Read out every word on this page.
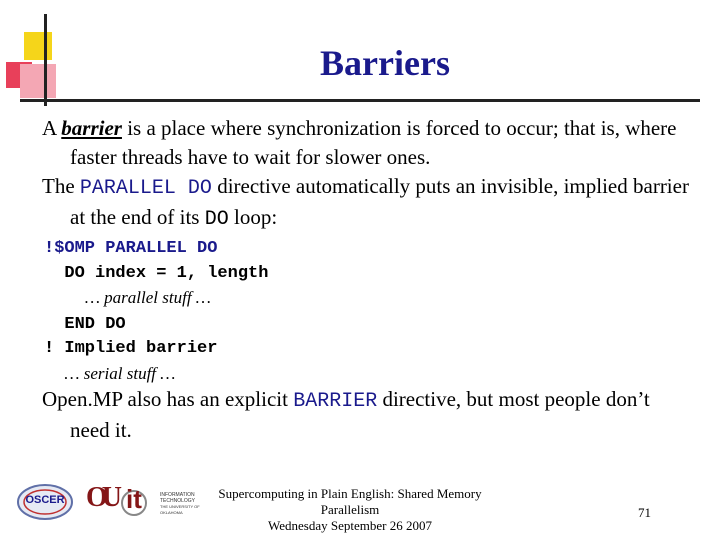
Barriers

A barrier is a place where synchronization is forced to occur; that is, where faster threads have to wait for slower ones.

The PARALLEL DO directive automatically puts an invisible, implied barrier at the end of its DO loop:

!$OMP PARALLEL DO
DO index = 1, length
… parallel stuff …
END DO
! Implied barrier
… serial stuff …

Open.MP also has an explicit BARRIER directive, but most people don’t need it.

OSCER OU it	INFORMATION
TECHNOLOGY
THE UNIVERSITY OF OKLAHOMA
Supercomputing in Plain English: Shared Memory Parallelism
Wednesday September 26 2007
71
